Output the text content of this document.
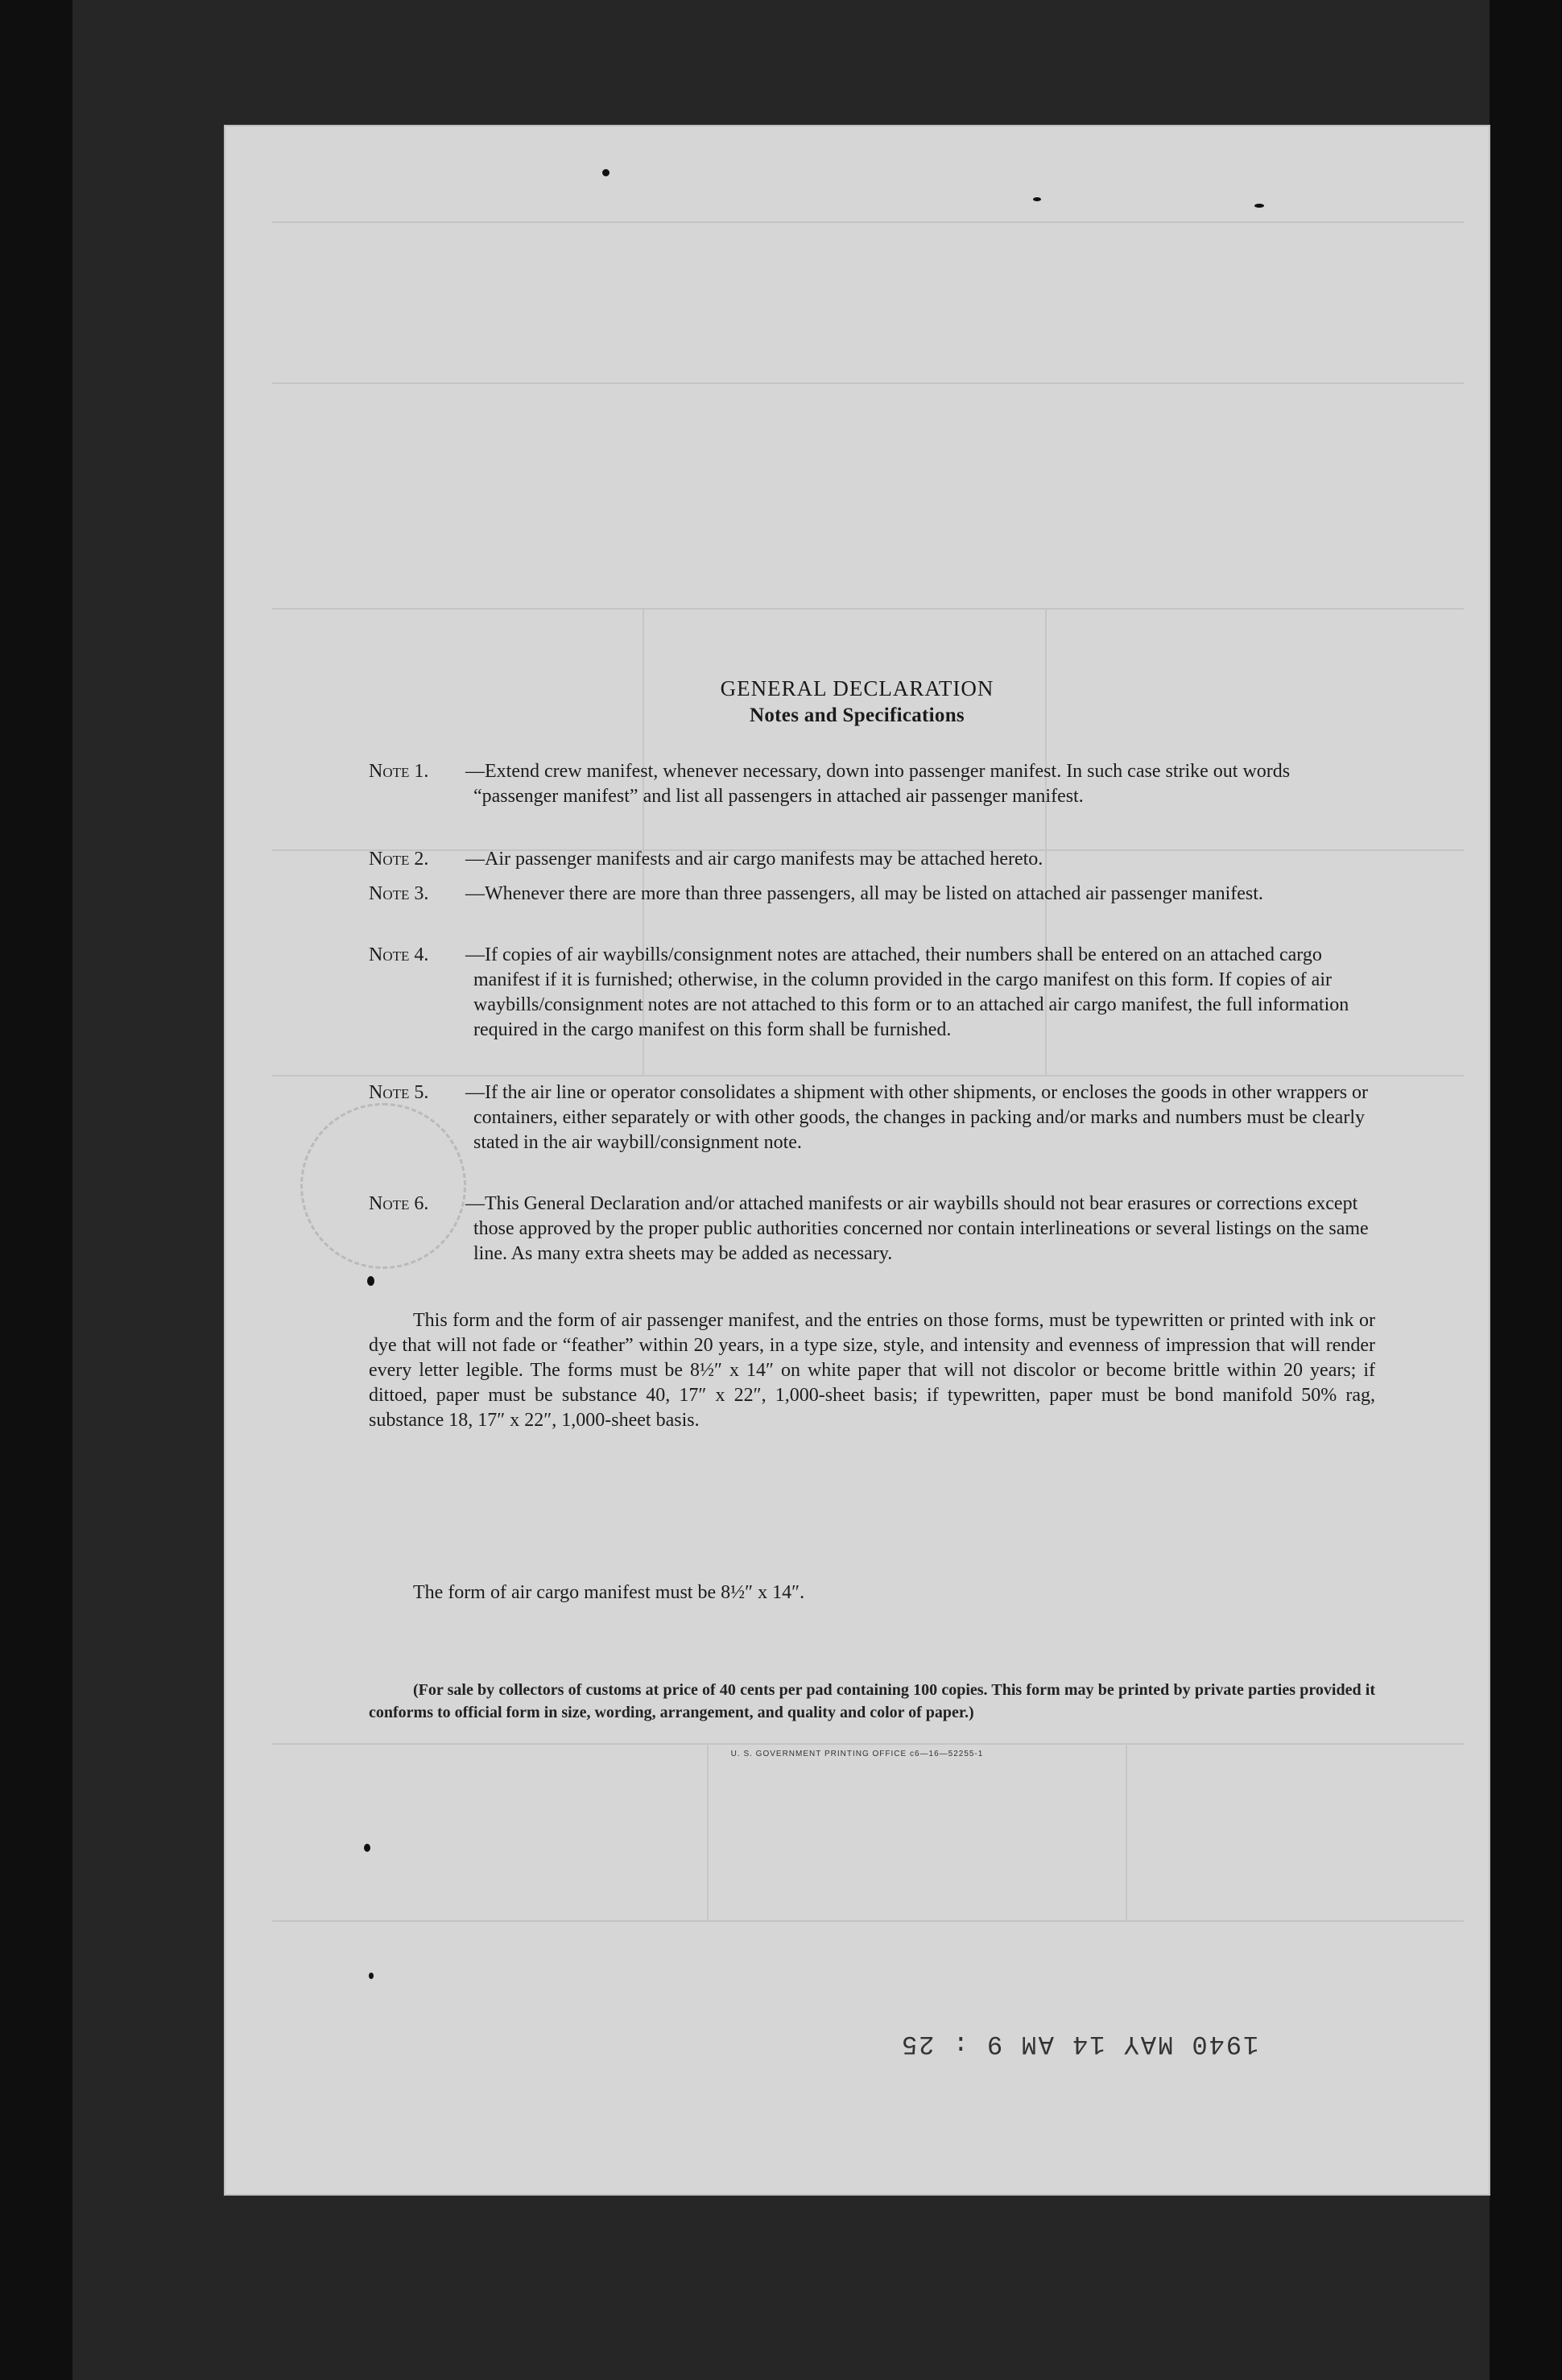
GENERAL DECLARATION
Notes and Specifications
Note 1.	—Extend crew manifest, whenever necessary, down into passenger manifest. In such case strike out words “passenger manifest” and list all passengers in attached air passenger manifest.
Note 2.	—Air passenger manifests and air cargo manifests may be attached hereto.
Note 3.	—Whenever there are more than three passengers, all may be listed on attached air passenger manifest.
Note 4.	—If copies of air waybills/consignment notes are attached, their numbers shall be entered on an attached cargo manifest if it is furnished; otherwise, in the column provided in the cargo manifest on this form. If copies of air waybills/consignment notes are not attached to this form or to an attached air cargo manifest, the full information required in the cargo manifest on this form shall be furnished.
Note 5.	—If the air line or operator consolidates a shipment with other shipments, or encloses the goods in other wrappers or containers, either separately or with other goods, the changes in packing and/or marks and numbers must be clearly stated in the air waybill/consignment note.
Note 6.	—This General Declaration and/or attached manifests or air waybills should not bear erasures or corrections except those approved by the proper public authorities concerned nor contain interlineations or several listings on the same line. As many extra sheets may be added as necessary.
This form and the form of air passenger manifest, and the entries on those forms, must be typewritten or printed with ink or dye that will not fade or “feather” within 20 years, in a type size, style, and intensity and evenness of impression that will render every letter legible. The forms must be 8½″ x 14″ on white paper that will not discolor or become brittle within 20 years; if dittoed, paper must be substance 40, 17″ x 22″, 1,000-sheet basis; if typewritten, paper must be bond manifold 50% rag, substance 18, 17″ x 22″, 1,000-sheet basis.
The form of air cargo manifest must be 8½″ x 14″.
(For sale by collectors of customs at price of 40 cents per pad containing 100 copies. This form may be printed by private parties provided it conforms to official form in size, wording, arrangement, and quality and color of paper.)
U. S. GOVERNMENT PRINTING OFFICE c6—16—52255-1
1940 MAY 14 AM 9 : 25
